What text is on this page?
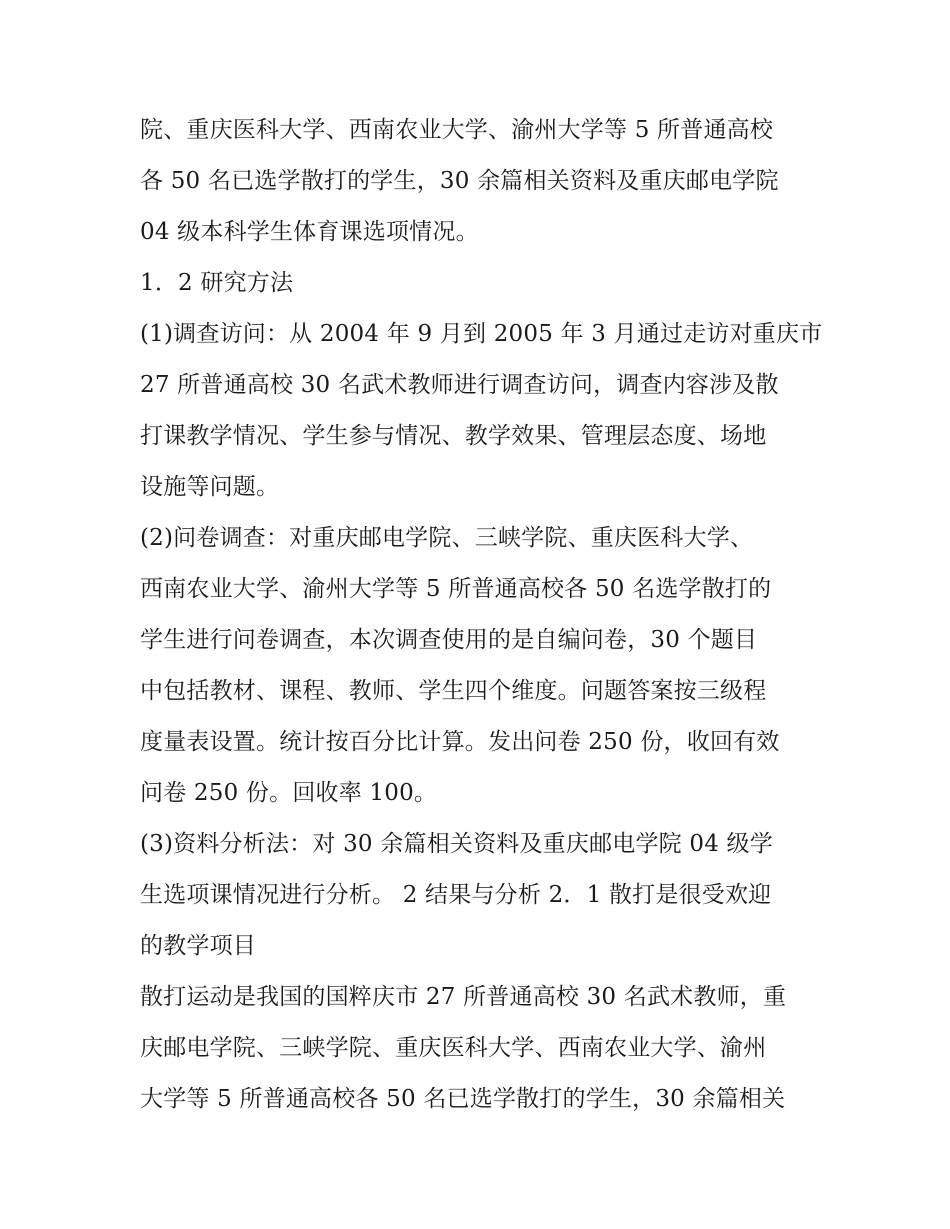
院、重庆医科大学、西南农业大学、渝州大学等 5 所普通高校
各 50 名已选学散打的学生，30 余篇相关资料及重庆邮电学院
04 级本科学生体育课选项情况。
1．2 研究方法
(1)调查访问：从 2004 年 9 月到 2005 年 3 月通过走访对重庆市
27 所普通高校 30 名武术教师进行调查访问，调查内容涉及散
打课教学情况、学生参与情况、教学效果、管理层态度、场地
设施等问题。
(2)问卷调查：对重庆邮电学院、三峡学院、重庆医科大学、
西南农业大学、渝州大学等 5 所普通高校各 50 名选学散打的
学生进行问卷调查，本次调查使用的是自编问卷，30 个题目
中包括教材、课程、教师、学生四个维度。问题答案按三级程
度量表设置。统计按百分比计算。发出问卷 250 份，收回有效
问卷 250 份。回收率 100。
(3)资料分析法：对 30 余篇相关资料及重庆邮电学院 04 级学
生选项课情况进行分析。 2 结果与分析 2．1 散打是很受欢迎
的教学项目
散打运动是我国的国粹庆市 27 所普通高校 30 名武术教师，重
庆邮电学院、三峡学院、重庆医科大学、西南农业大学、渝州
大学等 5 所普通高校各 50 名已选学散打的学生，30 余篇相关
